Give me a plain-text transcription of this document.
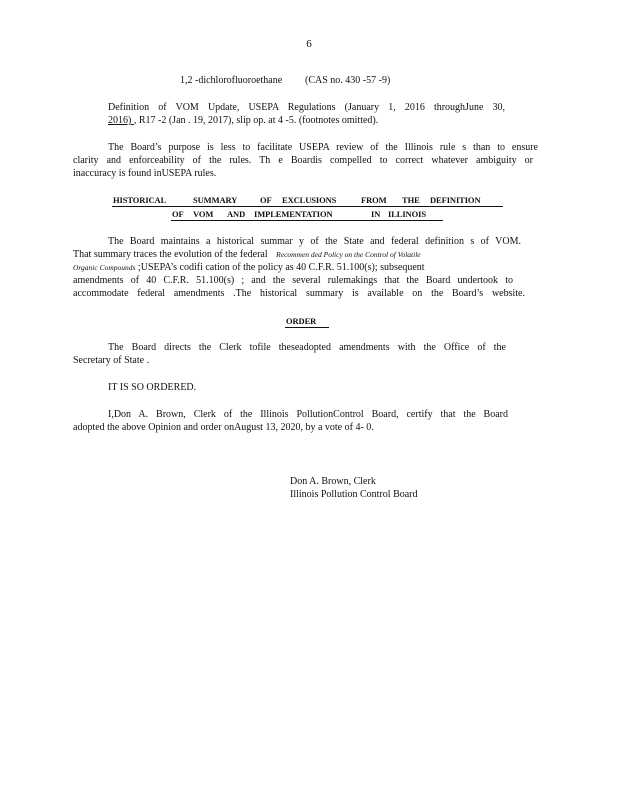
6
1,2 -dichlorofluoroethane (CAS no. 430 -57 -9)
Definition of VOM Update, USEPA Regulations (January 1, 2016 throughJune 30,
2016) , R17 -2 (Jan . 19, 2017), slip op. at 4 -5. (footnotes omitted).
The Board’s purpose is less to facilitate USEPA review of the Illinois rule s than to ensure
clarity and enforceability of the rules. Th e Boardis compelled to correct whatever ambiguity or
inaccuracy is found inUSEPA rules.
HISTORICAL	SUMMARY	OF EXCLUSIONS	FROM THE DEFINITION
OF VOM AND IMPLEMENTATION	IN ILLINOIS
The Board maintains a historical summar y of the State and federal definition s of VOM.
That summary traces the evolution of the federal Recommen ded Policy on the Control of Volatile
Organic Compounds ;USEPA’s codifi cation of the policy as 40 C.F.R. 51.100(s); subsequent
amendments of 40 C.F.R. 51.100(s) ; and the several rulemakings that the Board undertook to
accommodate federal amendments .The historical summary is available on the Board’s website.
ORDER
The Board directs the Clerk tofile theseadopted amendments with the Office of the
Secretary of State .
IT IS SO ORDERED.
I,Don A. Brown, Clerk of the Illinois PollutionControl Board, certify that the Board
adopted the above Opinion and order onAugust 13, 2020, by a vote of 4- 0.
Don A. Brown, Clerk
Illinois Pollution Control Board
